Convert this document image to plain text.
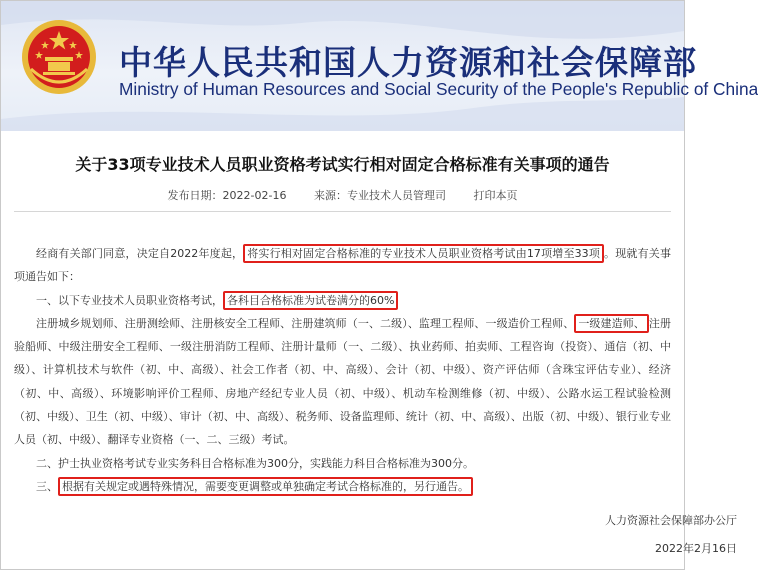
中华人民共和国人力资源和社会保障部
Ministry of Human Resources and Social Security of the People's Republic of China
关于33项专业技术人员职业资格考试实行相对固定合格标准有关事项的通告
发布日期：2022-02-16	来源：专业技术人员管理司	打印本页

经商有关部门同意，决定自2022年度起， 将实行相对固定合格标准的专业技术人员职业资格考试由17项增至33项 。现就有关事项通告如下：

一、以下专业技术人员职业资格考试， 各科目合格标准为试卷满分的60%

注册城乡规划师、注册测绘师、注册核安全工程师、注册建筑师（一、二级）、监理工程师、一级造价工程师、 一级建造师、 注册验船师、中级注册安全工程师、一级注册消防工程师、注册计量师（一、二级）、执业药师、拍卖师、工程咨询（投资）、通信（初、中级）、计算机技术与软件（初、中、高级）、社会工作者（初、中、高级）、会计（初、中级）、资产评估师（含珠宝评估专业）、经济（初、中、高级）、环境影响评价工程师、房地产经纪专业人员（初、中级）、机动车检测维修（初、中级）、公路水运工程试验检测（初、中级）、卫生（初、中级）、审计（初、中、高级）、税务师、设备监理师、统计（初、中、高级）、出版（初、中级）、银行业专业人员（初、中级）、翻译专业资格（一、二、三级）考试。

二、护士执业资格考试专业实务科目合格标准为300分，实践能力科目合格标准为300分。

三、 根据有关规定或遇特殊情况，需要变更调整或单独确定考试合格标准的，另行通告。

人力资源社会保障部办公厅
2022年2月16日
